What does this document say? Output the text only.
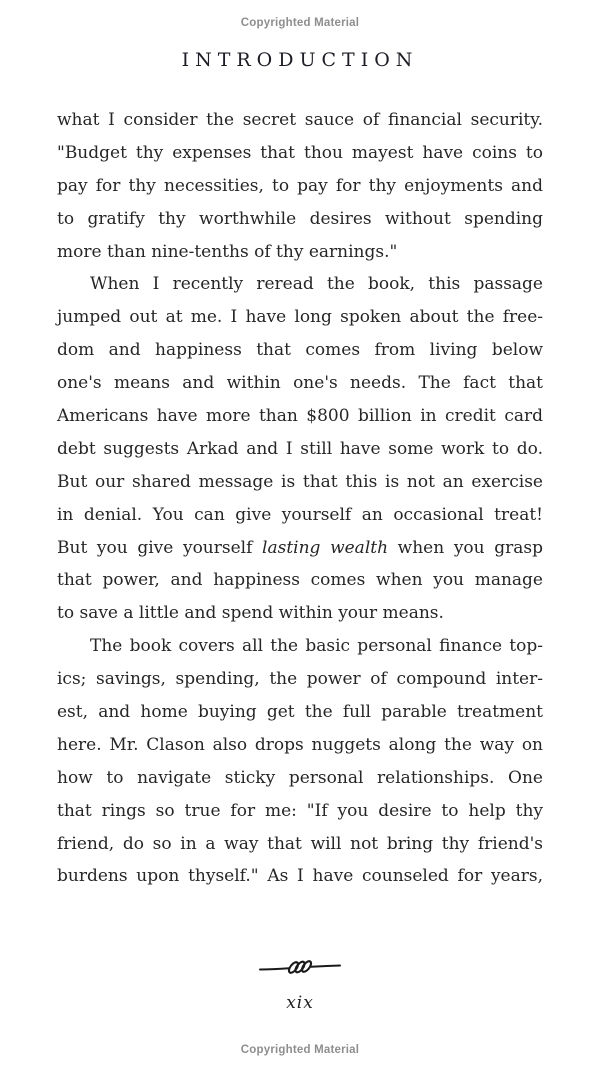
Copyrighted Material
INTRODUCTION
what I consider the secret sauce of financial security.
"Budget thy expenses that thou mayest have coins to
pay for thy necessities, to pay for thy enjoyments and
to gratify thy worthwhile desires without spending
more than nine-tenths of thy earnings."
When I recently reread the book, this passage
jumped out at me. I have long spoken about the free-
dom and happiness that comes from living below
one's means and within one's needs. The fact that
Americans have more than $800 billion in credit card
debt suggests Arkad and I still have some work to do.
But our shared message is that this is not an exercise
in denial. You can give yourself an occasional treat!
But you give yourself lasting wealth when you grasp
that power, and happiness comes when you manage
to save a little and spend within your means.
The book covers all the basic personal finance top-
ics; savings, spending, the power of compound inter-
est, and home buying get the full parable treatment
here. Mr. Clason also drops nuggets along the way on
how to navigate sticky personal relationships. One
that rings so true for me: "If you desire to help thy
friend, do so in a way that will not bring thy friend's
burdens upon thyself." As I have counseled for years,
xix
Copyrighted Material
